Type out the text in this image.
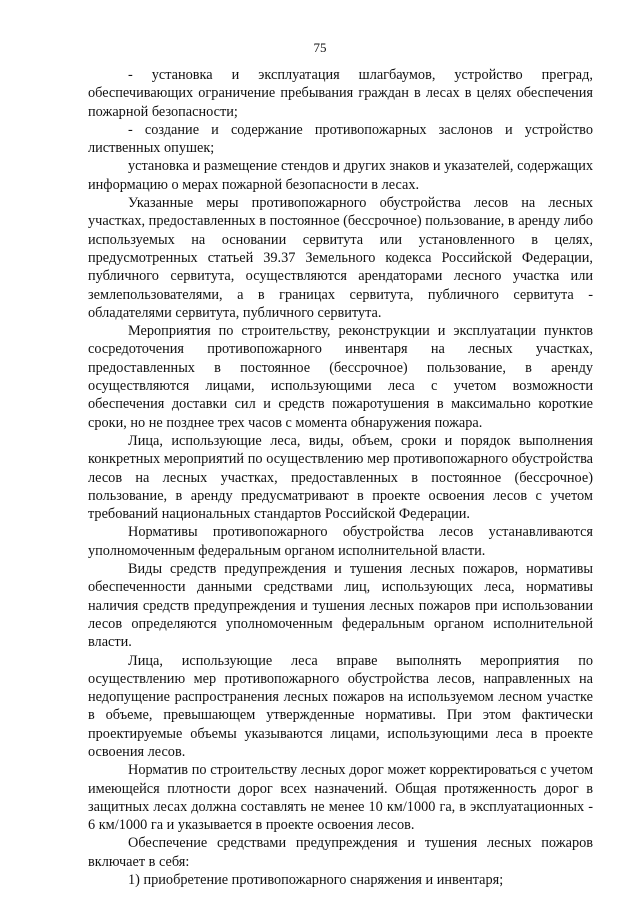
75

- установка и эксплуатация шлагбаумов, устройство преград, обеспечивающих ограничение пребывания граждан в лесах в целях обеспечения пожарной безопасности;

- создание и содержание противопожарных заслонов и устройство лиственных опушек;

установка и размещение стендов и других знаков и указателей, содержащих информацию о мерах пожарной безопасности в лесах.

Указанные меры противопожарного обустройства лесов на лесных участках, предоставленных в постоянное (бессрочное) пользование, в аренду либо используемых на основании сервитута или установленного в целях, предусмотренных статьей 39.37 Земельного кодекса Российской Федерации, публичного сервитута, осуществляются арендаторами лесного участка или землепользователями, а в границах сервитута, публичного сервитута - обладателями сервитута, публичного сервитута.

Мероприятия по строительству, реконструкции и эксплуатации пунктов сосредоточения противопожарного инвентаря на лесных участках, предоставленных в постоянное (бессрочное) пользование, в аренду осуществляются лицами, использующими леса с учетом возможности обеспечения доставки сил и средств пожаротушения в максимально короткие сроки, но не позднее трех часов с момента обнаружения пожара.

Лица, использующие леса, виды, объем, сроки и порядок выполнения конкретных мероприятий по осуществлению мер противопожарного обустройства лесов на лесных участках, предоставленных в постоянное (бессрочное) пользование, в аренду предусматривают в проекте освоения лесов с учетом требований национальных стандартов Российской Федерации.

Нормативы противопожарного обустройства лесов устанавливаются уполномоченным федеральным органом исполнительной власти.

Виды средств предупреждения и тушения лесных пожаров, нормативы обеспеченности данными средствами лиц, использующих леса, нормативы наличия средств предупреждения и тушения лесных пожаров при использовании лесов определяются уполномоченным федеральным органом исполнительной власти.

Лица, использующие леса вправе выполнять мероприятия по осуществлению мер противопожарного обустройства лесов, направленных на недопущение распространения лесных пожаров на используемом лесном участке в объеме, превышающем утвержденные нормативы. При этом фактически проектируемые объемы указываются лицами, использующими леса в проекте освоения лесов.

Норматив по строительству лесных дорог может корректироваться с учетом имеющейся плотности дорог всех назначений. Общая протяженность дорог в защитных лесах должна составлять не менее 10 км/1000 га, в эксплуатационных - 6 км/1000 га и указывается в проекте освоения лесов.

Обеспечение средствами предупреждения и тушения лесных пожаров включает в себя:

1) приобретение противопожарного снаряжения и инвентаря;
